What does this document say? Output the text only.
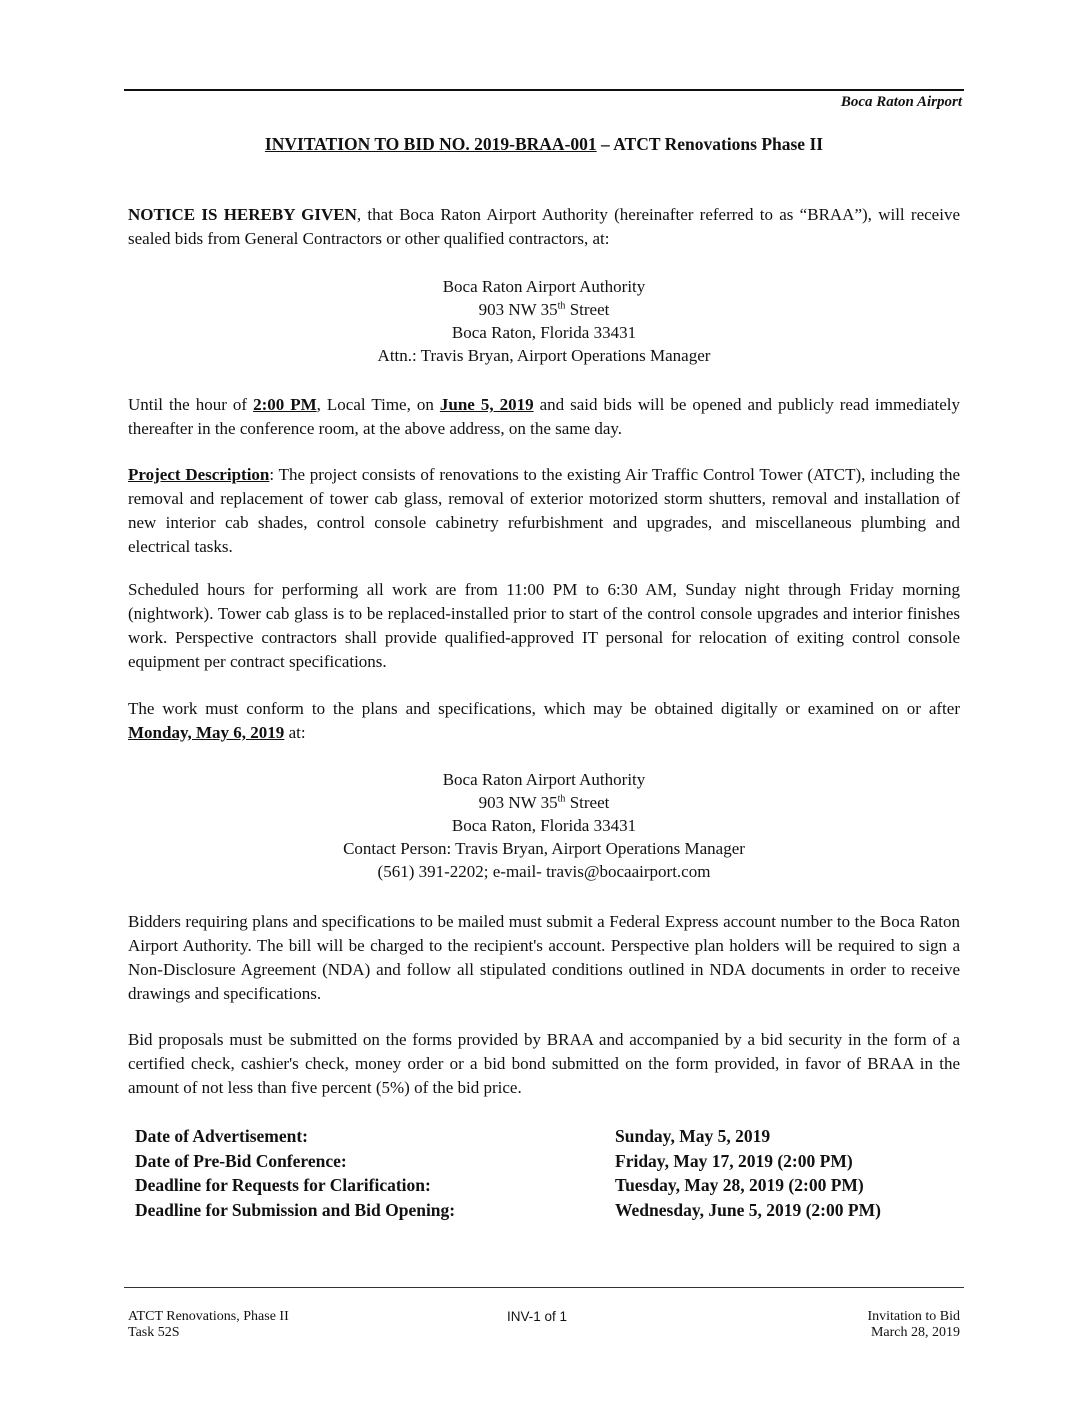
Boca Raton Airport
INVITATION TO BID NO. 2019-BRAA-001 – ATCT Renovations Phase II
NOTICE IS HEREBY GIVEN, that Boca Raton Airport Authority (hereinafter referred to as “BRAA”), will receive sealed bids from General Contractors or other qualified contractors, at:
Boca Raton Airport Authority
903 NW 35th Street
Boca Raton, Florida 33431
Attn.: Travis Bryan, Airport Operations Manager
Until the hour of 2:00 PM, Local Time, on June 5, 2019 and said bids will be opened and publicly read immediately thereafter in the conference room, at the above address, on the same day.
Project Description: The project consists of renovations to the existing Air Traffic Control Tower (ATCT), including the removal and replacement of tower cab glass, removal of exterior motorized storm shutters, removal and installation of new interior cab shades, control console cabinetry refurbishment and upgrades, and miscellaneous plumbing and electrical tasks.
Scheduled hours for performing all work are from 11:00 PM to 6:30 AM, Sunday night through Friday morning (nightwork). Tower cab glass is to be replaced-installed prior to start of the control console upgrades and interior finishes work. Perspective contractors shall provide qualified-approved IT personal for relocation of exiting control console equipment per contract specifications.
The work must conform to the plans and specifications, which may be obtained digitally or examined on or after Monday, May 6, 2019 at:
Boca Raton Airport Authority
903 NW 35th Street
Boca Raton, Florida 33431
Contact Person: Travis Bryan, Airport Operations Manager
(561) 391-2202; e-mail- travis@bocaairport.com
Bidders requiring plans and specifications to be mailed must submit a Federal Express account number to the Boca Raton Airport Authority. The bill will be charged to the recipient's account. Perspective plan holders will be required to sign a Non-Disclosure Agreement (NDA) and follow all stipulated conditions outlined in NDA documents in order to receive drawings and specifications.
Bid proposals must be submitted on the forms provided by BRAA and accompanied by a bid security in the form of a certified check, cashier's check, money order or a bid bond submitted on the form provided, in favor of BRAA in the amount of not less than five percent (5%) of the bid price.
Date of Advertisement:	Sunday, May 5, 2019
Date of Pre-Bid Conference:	Friday, May 17, 2019 (2:00 PM)
Deadline for Requests for Clarification:	Tuesday, May 28, 2019 (2:00 PM)
Deadline for Submission and Bid Opening:	Wednesday, June 5, 2019 (2:00 PM)
ATCT Renovations, Phase II
Task 52S
INV-1 of 1	Invitation to Bid
March 28, 2019
